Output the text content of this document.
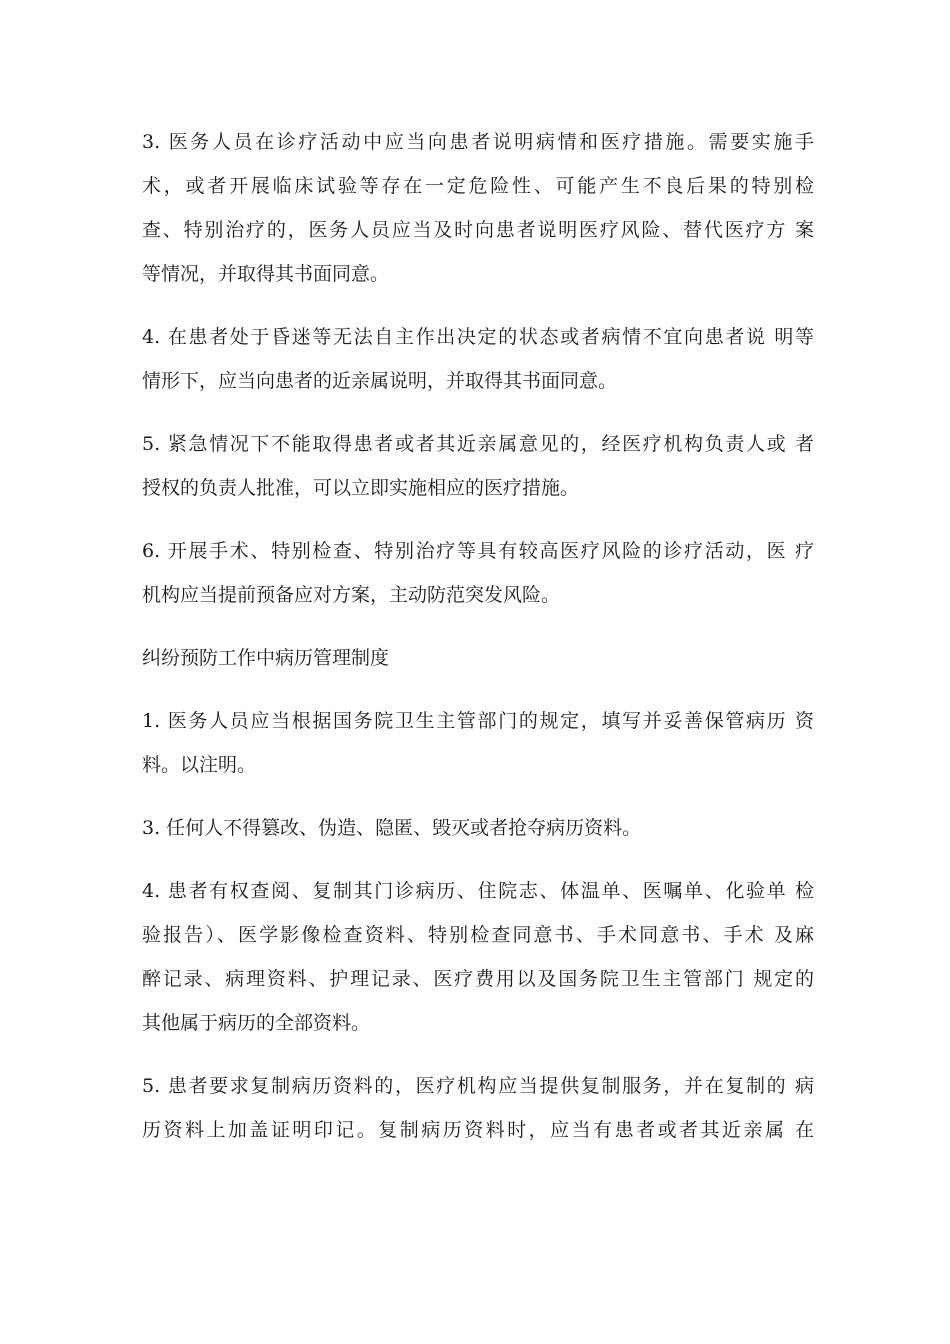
3. 医务人员在诊疗活动中应当向患者说明病情和医疗措施。需要实施手
术，或者开展临床试验等存在一定危险性、可能产生不良后果的特别检
查、特别治疗的，医务人员应当及时向患者说明医疗风险、替代医疗方 案
等情况，并取得其书面同意。
4. 在患者处于昏迷等无法自主作出决定的状态或者病情不宜向患者说 明等
情形下，应当向患者的近亲属说明，并取得其书面同意。
5. 紧急情况下不能取得患者或者其近亲属意见的，经医疗机构负责人或 者
授权的负责人批准，可以立即实施相应的医疗措施。
6. 开展手术、特别检查、特别治疗等具有较高医疗风险的诊疗活动，医 疗
机构应当提前预备应对方案，主动防范突发风险。
纠纷预防工作中病历管理制度
1. 医务人员应当根据国务院卫生主管部门的规定，填写并妥善保管病历 资
料。以注明。
3. 任何人不得篡改、伪造、隐匿、毁灭或者抢夺病历资料。
4. 患者有权查阅、复制其门诊病历、住院志、体温单、医嘱单、化验单 检
验报告）、医学影像检查资料、特别检查同意书、手术同意书、手术 及麻
醉记录、病理资料、护理记录、医疗费用以及国务院卫生主管部门 规定的
其他属于病历的全部资料。
5. 患者要求复制病历资料的，医疗机构应当提供复制服务，并在复制的 病
历资料上加盖证明印记。复制病历资料时，应当有患者或者其近亲属 在
